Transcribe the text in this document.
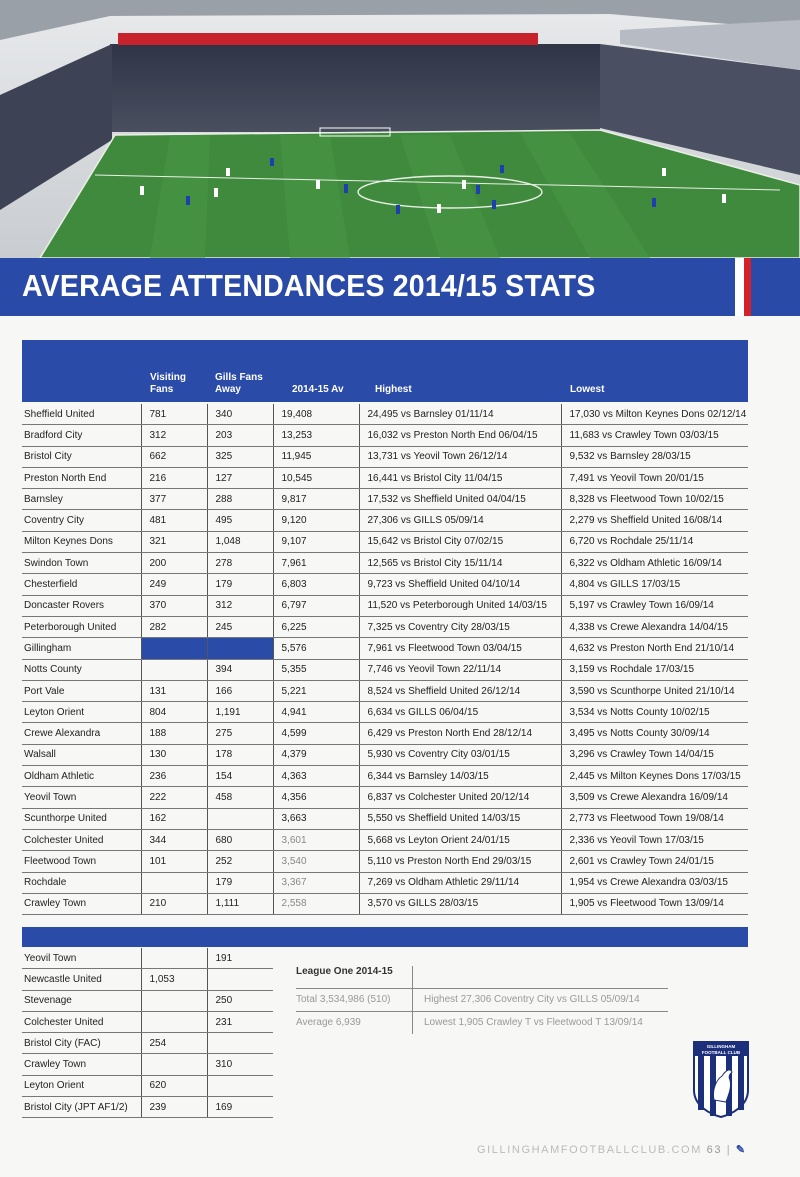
AVERAGE ATTENDANCES 2014/15 STATS
Visiting Fans
Gills Fans Away	2014-15 Av	Highest	Lowest
Sheffield United	781	340	19,408	24,495 vs Barnsley 01/11/14	17,030 vs Milton Keynes Dons 02/12/14
Bradford City	312	203	13,253	16,032 vs Preston North End 06/04/15	11,683 vs Crawley Town 03/03/15
Bristol City	662	325	11,945	13,731 vs Yeovil Town 26/12/14	9,532 vs Barnsley 28/03/15
Preston North End	216	127	10,545	16,441 vs Bristol City 11/04/15	7,491 vs Yeovil Town 20/01/15
Barnsley	377	288	9,817	17,532 vs Sheffield United 04/04/15	8,328 vs Fleetwood Town 10/02/15
Coventry City	481	495	9,120	27,306 vs GILLS 05/09/14	2,279 vs Sheffield United 16/08/14
Milton Keynes Dons	321	1,048	9,107	15,642 vs Bristol City 07/02/15	6,720 vs Rochdale 25/11/14
Swindon Town	200	278	7,961	12,565 vs Bristol City 15/11/14	6,322 vs Oldham Athletic 16/09/14
Chesterfield	249	179	6,803	9,723 vs Sheffield United 04/10/14	4,804 vs GILLS 17/03/15
Doncaster Rovers	370	312	6,797	11,520 vs Peterborough United 14/03/15	5,197 vs Crawley Town 16/09/14
Peterborough United	282	245	6,225	7,325 vs Coventry City 28/03/15	4,338 vs Crewe Alexandra 14/04/15
Gillingham			5,576	7,961 vs Fleetwood Town 03/04/15	4,632 vs Preston North End 21/10/14
Notts County		394	5,355	7,746 vs Yeovil Town 22/11/14	3,159 vs Rochdale 17/03/15
Port Vale	131	166	5,221	8,524 vs Sheffield United 26/12/14	3,590 vs Scunthorpe United 21/10/14
Leyton Orient	804	1,191	4,941	6,634 vs GILLS 06/04/15	3,534 vs Notts County 10/02/15
Crewe Alexandra	188	275	4,599	6,429 vs Preston North End 28/12/14	3,495 vs Notts County 30/09/14
Walsall	130	178	4,379	5,930 vs Coventry City 03/01/15	3,296 vs Crawley Town 14/04/15
Oldham Athletic	236	154	4,363	6,344 vs Barnsley 14/03/15	2,445 vs Milton Keynes Dons 17/03/15
Yeovil Town	222	458	4,356	6,837 vs Colchester United 20/12/14	3,509 vs Crewe Alexandra 16/09/14
Scunthorpe United	162		3,663	5,550 vs Sheffield United 14/03/15	2,773 vs Fleetwood Town 19/08/14
Colchester United	344	680	3,601	5,668 vs Leyton Orient 24/01/15	2,336 vs Yeovil Town 17/03/15
Fleetwood Town	101	252	3,540	5,110 vs Preston North End 29/03/15	2,601 vs Crawley Town 24/01/15
Rochdale		179	3,367	7,269 vs Oldham Athletic 29/11/14	1,954 vs Crewe Alexandra 03/03/15
Crawley Town	210	1,111	2,558	3,570 vs GILLS 28/03/15	1,905 vs Fleetwood Town 13/09/14
Yeovil Town		191
Newcastle United	1,053	
Stevenage		250
Colchester United		231
Bristol City (FAC)	254	
Crawley Town		310
Leyton Orient	620	
Bristol City (JPT AF1/2)	239	169
League One 2014-15
Total 3,534,986 (510)	Highest 27,306 Coventry City vs GILLS 05/09/14
Average 6,939	Lowest 1,905 Crawley T vs Fleetwood T 13/09/14
GILLINGHAM
FOOTBALL CLUB
GILLINGHAMFOOTBALLCLUB.COM 63 | ✎
